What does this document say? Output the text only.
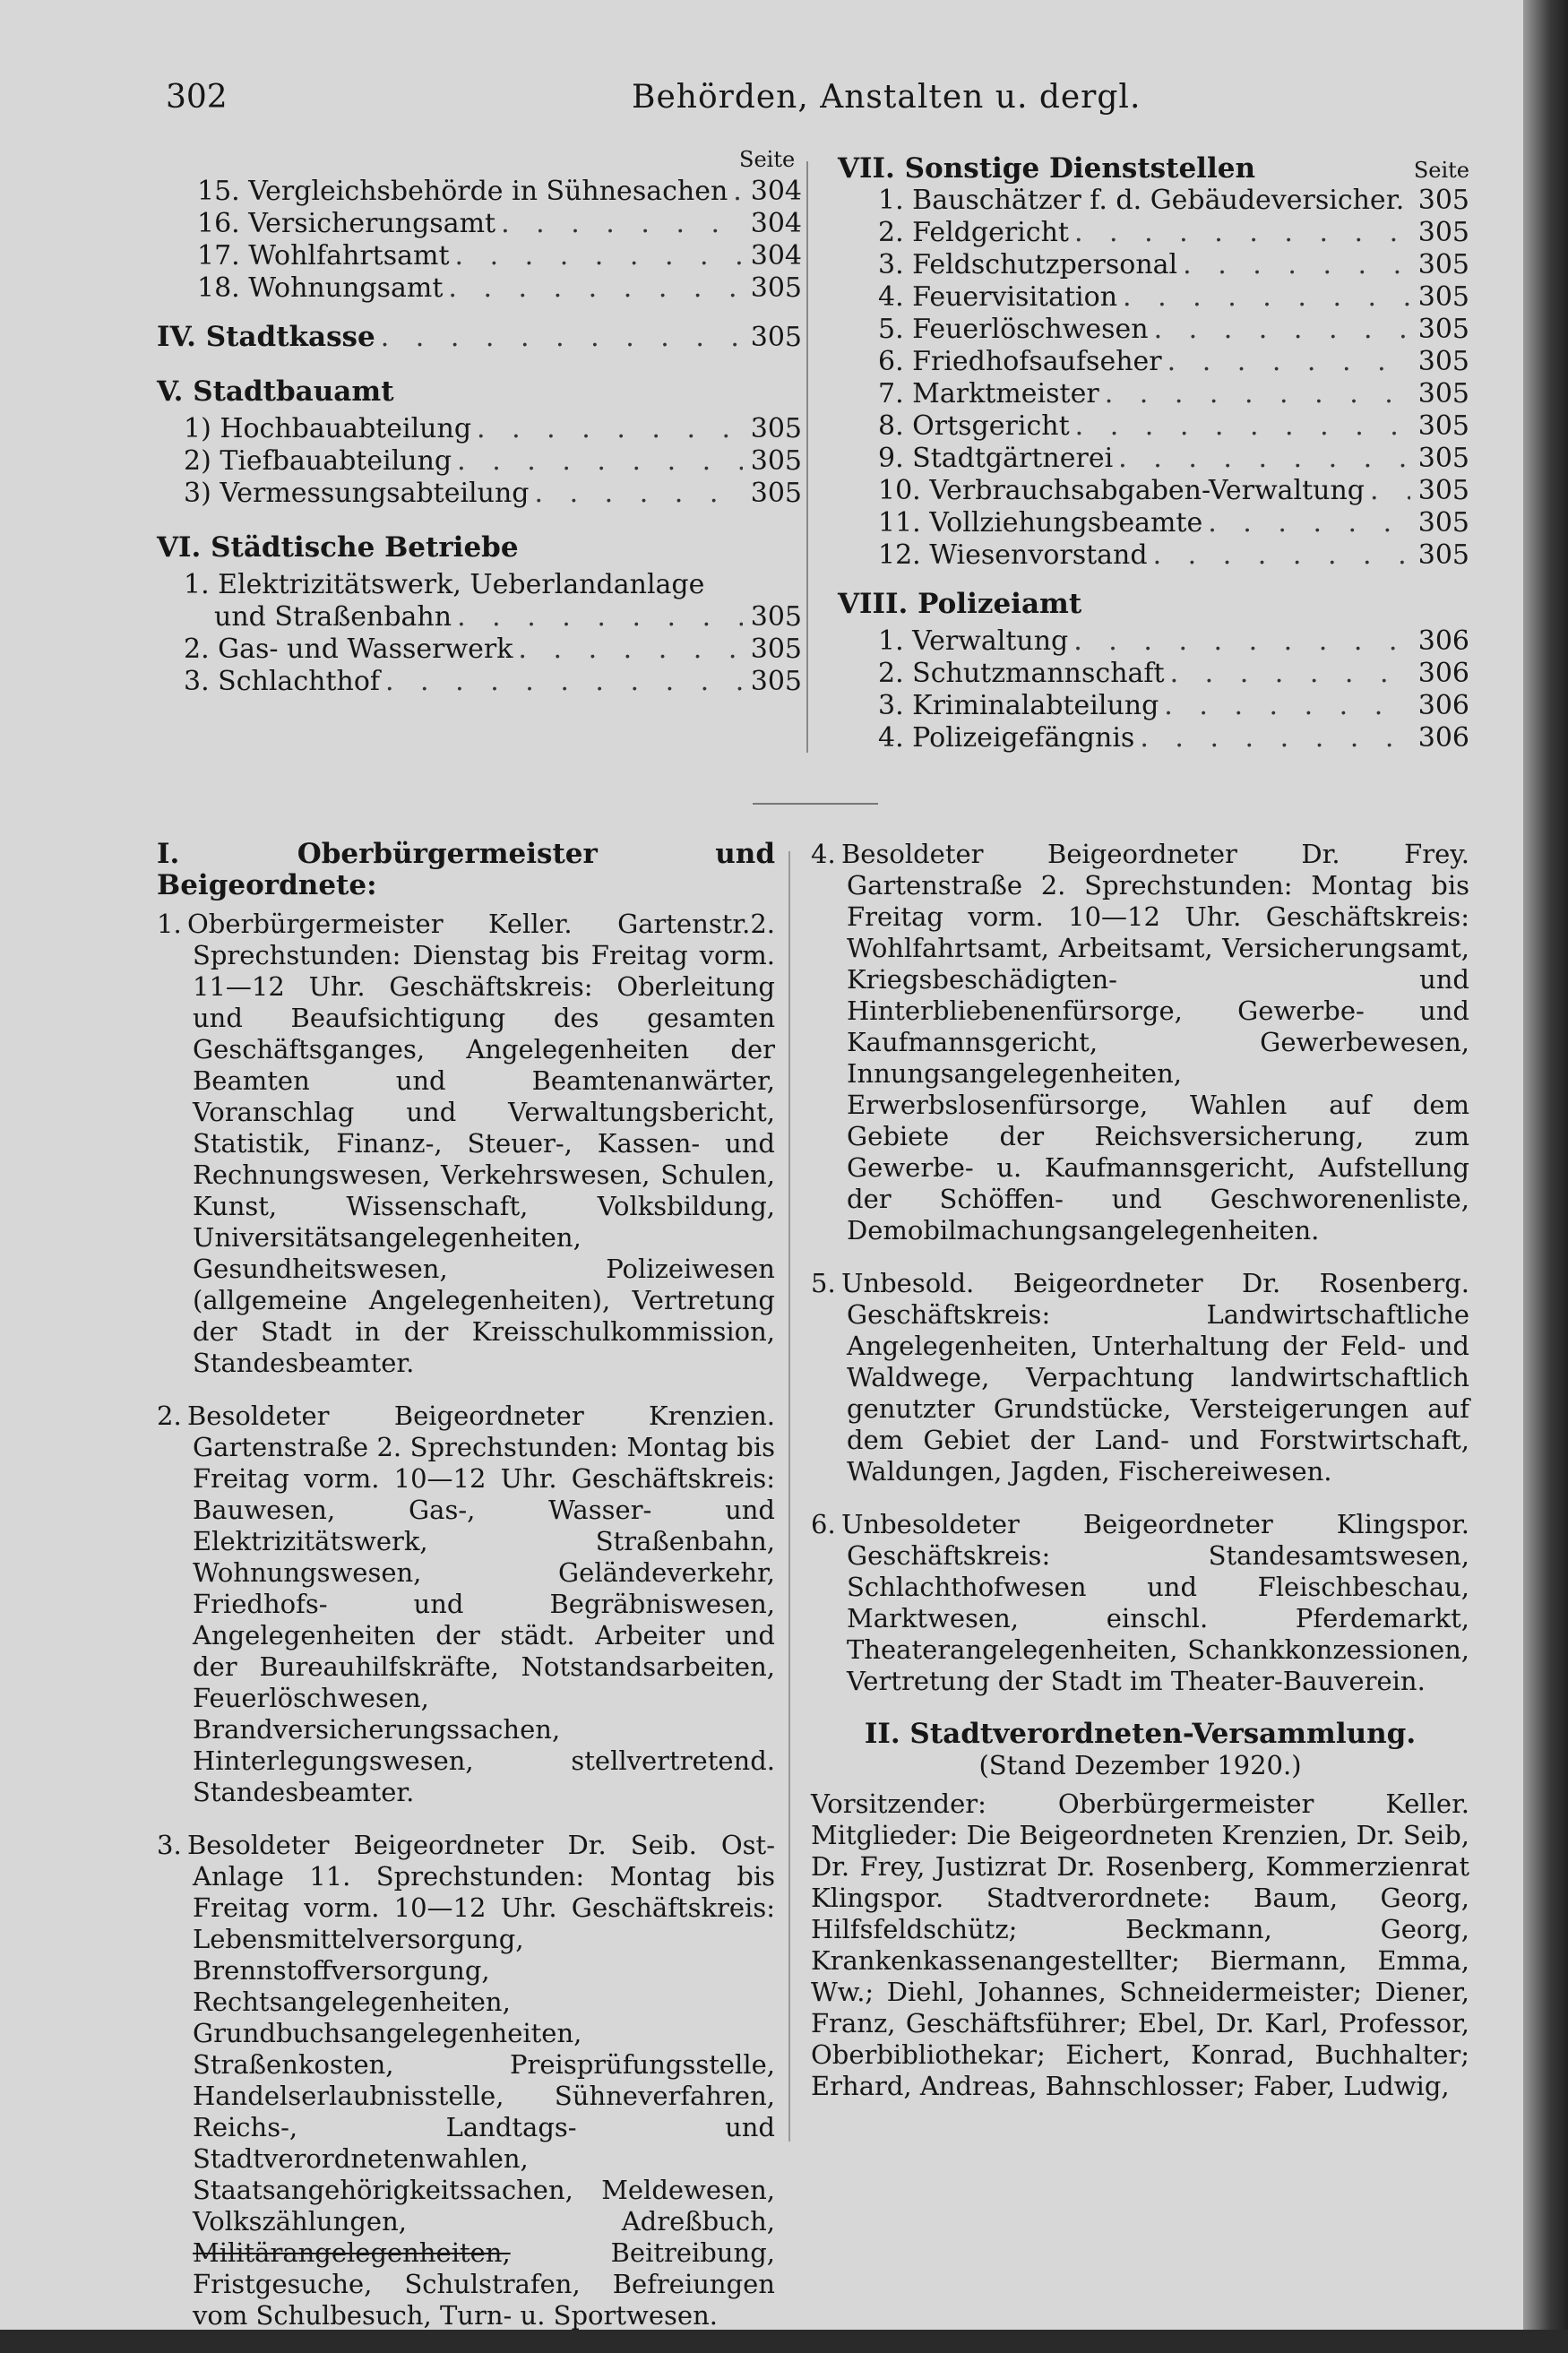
302	Behörden, Anstalten u. dergl.
Seite
15. Vergleichsbehörde in Sühnesachen . . . 304
16. Versicherungsamt . . .	304
17. Wohlfahrtsamt . . .	304
18. Wohnungsamt . . .	305
IV. Stadtkasse . . .	305
V. Stadtbauamt
1) Hochbauabteilung . . .	305
2) Tiefbauabteilung . . .	305
3) Vermessungsabteilung . . .	305
VI. Städtische Betriebe
1. Elektrizitätswerk, Ueberlandanlage
und Straßenbahn . . .	305
2. Gas- und Wasserwerk . . .	305
3. Schlachthof . . .	305
VII. Sonstige Dienststellen	Seite
1. Bauschätzer f. d. Gebäudeversicher. . . . 305
2. Feldgericht . . .	305
3. Feldschutzpersonal . . .	305
4. Feuervisitation . . .	305
5. Feuerlöschwesen . . .	305
6. Friedhofsaufseher . . .	305
7. Marktmeister . . .	305
8. Ortsgericht . . .	305
9. Stadtgärtnerei . . .	305
10. Verbrauchsabgaben-Verwaltung . . . 305
11. Vollziehungsbeamte . . .	305
12. Wiesenvorstand . . .	305
VIII. Polizeiamt
1. Verwaltung . . .	306
2. Schutzmannschaft . . .	306
3. Kriminalabteilung . . .	306
4. Polizeigefängnis . . .	306
I. Oberbürgermeister und Beigeordnete:
1. Oberbürgermeister Keller. Gartenstr.2. Sprechstunden: Dienstag bis Freitag vorm. 11—12 Uhr. Geschäftskreis: Oberleitung und Beaufsichtigung des gesamten Geschäftsganges, Angelegenheiten der Beamten und Beamtenanwärter, Voranschlag und Verwaltungsbericht, Statistik, Finanz-, Steuer-, Kassen- und Rechnungswesen, Verkehrswesen, Schulen, Kunst, Wissenschaft, Volksbildung, Universitätsangelegenheiten, Gesundheitswesen, Polizeiwesen (allgemeine Angelegenheiten), Vertretung der Stadt in der Kreisschulkommission, Standesbeamter.
2. Besoldeter Beigeordneter Krenzien. Gartenstraße 2. Sprechstunden: Montag bis Freitag vorm. 10—12 Uhr. Geschäftskreis: Bauwesen, Gas-, Wasser- und Elektrizitätswerk, Straßenbahn, Wohnungswesen, Geländeverkehr, Friedhofs- und Begräbniswesen, Angelegenheiten der städt. Arbeiter und der Bureauhilfskräfte, Notstandsarbeiten, Feuerlöschwesen, Brandversicherungssachen, Hinterlegungswesen, stellvertretend. Standesbeamter.
3. Besoldeter Beigeordneter Dr. Seib. Ost-Anlage 11. Sprechstunden: Montag bis Freitag vorm. 10—12 Uhr. Geschäftskreis: Lebensmittelversorgung, Brennstoffversorgung, Rechtsangelegenheiten, Grundbuchsangelegenheiten, Straßenkosten, Preisprüfungsstelle, Handelserlaubnisstelle, Sühneverfahren, Reichs-, Landtags- und Stadtverordnetenwahlen, Staatsangehörigkeitssachen, Meldewesen, Volkszählungen, Adreßbuch, Militärangelegenheiten,	Beitreibung, Fristgesuche, Schulstrafen, Befreiungen vom Schulbesuch, Turn- u. Sportwesen.
4. Besoldeter Beigeordneter Dr. Frey. Gartenstraße 2. Sprechstunden: Montag bis Freitag vorm. 10—12 Uhr. Geschäftskreis: Wohlfahrtsamt, Arbeitsamt, Versicherungsamt, Kriegsbeschädigten- und Hinterbliebenenfürsorge, Gewerbe- und Kaufmannsgericht, Gewerbewesen, Innungsangelegenheiten, Erwerbslosenfürsorge, Wahlen auf dem Gebiete der Reichsversicherung, zum Gewerbe- u. Kaufmannsgericht, Aufstellung der Schöffen- und Geschworenenliste, Demobilmachungsangelegenheiten.
5. Unbesold. Beigeordneter Dr. Rosenberg. Geschäftskreis: Landwirtschaftliche Angelegenheiten, Unterhaltung der Feld- und Waldwege, Verpachtung landwirtschaftlich genutzter Grundstücke, Versteigerungen auf dem Gebiet der Land- und Forstwirtschaft, Waldungen, Jagden, Fischereiwesen.
6. Unbesoldeter Beigeordneter Klingspor. Geschäftskreis: Standesamtswesen, Schlachthofwesen und Fleischbeschau, Marktwesen, einschl. Pferdemarkt, Theaterangelegenheiten, Schankkonzessionen, Vertretung der Stadt im Theater-Bauverein.
II. Stadtverordneten-Versammlung.
(Stand Dezember 1920.)
Vorsitzender: Oberbürgermeister Keller. Mitglieder: Die Beigeordneten Krenzien, Dr. Seib, Dr. Frey, Justizrat Dr. Rosenberg, Kommerzienrat Klingspor. Stadtverordnete: Baum, Georg, Hilfsfeldschütz; Beckmann, Georg, Krankenkassenangestellter; Biermann, Emma, Ww.; Diehl, Johannes, Schneidermeister; Diener, Franz, Geschäftsführer; Ebel, Dr. Karl, Professor, Oberbibliothekar; Eichert, Konrad, Buchhalter; Erhard, Andreas, Bahnschlosser; Faber, Ludwig,
